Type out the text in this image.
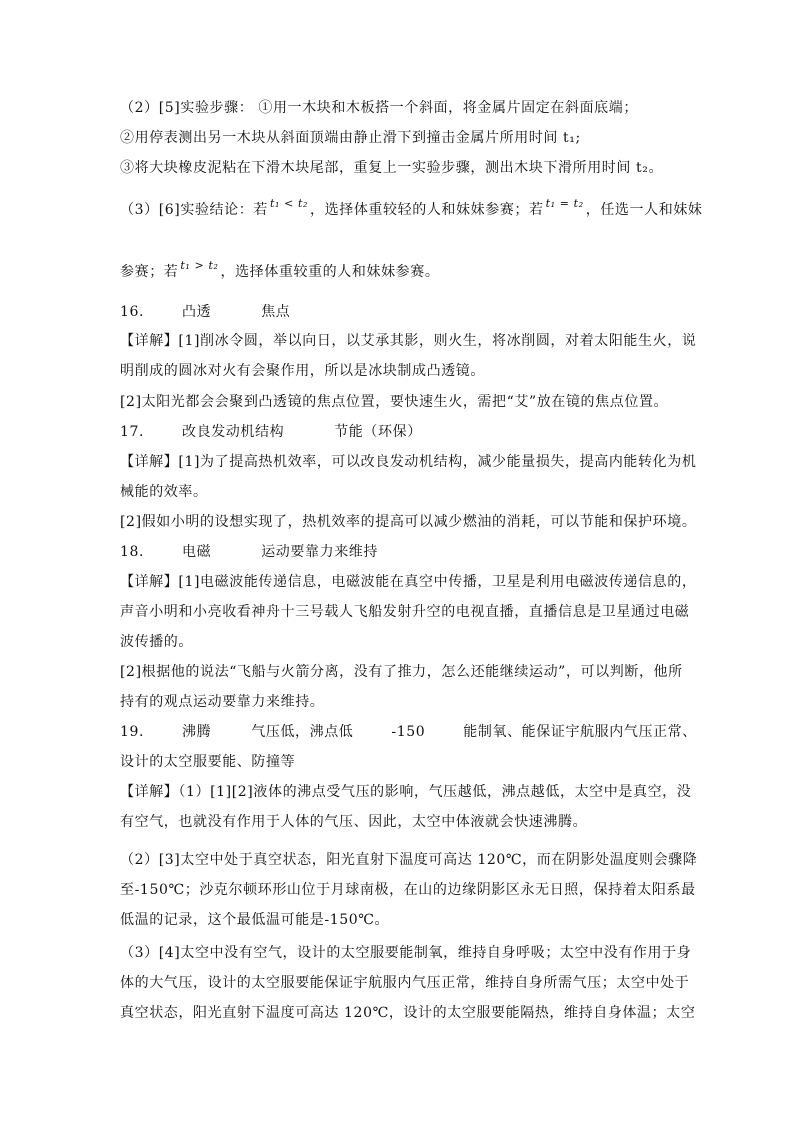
（2）[5]实验步骤： ①用一木块和木板搭一个斜面，将金属片固定在斜面底端；
②用停表测出另一木块从斜面顶端由静止滑下到撞击金属片所用时间 t₁;
③将大块橡皮泥粘在下滑木块尾部，重复上一实验步骤，测出木块下滑所用时间 t₂。
（3）[6]实验结论：若 t₁ < t₂ ，选择体重较轻的人和妹妹参赛；若 t₁ = t₂ ，任选一人和妹妹
参赛；若 t₁ > t₂ ，选择体重较重的人和妹妹参赛。
16.	凸透	焦点
【详解】[1]削冰令圆，举以向日，以艾承其影，则火生，将冰削圆，对着太阳能生火，说
明削成的圆冰对火有会聚作用，所以是冰块制成凸透镜。
[2]太阳光都会会聚到凸透镜的焦点位置，要快速生火，需把“艾”放在镜的焦点位置。
17.	改良发动机结构	节能（环保）
【详解】[1]为了提高热机效率，可以改良发动机结构，减少能量损失，提高内能转化为机
械能的效率。
[2]假如小明的设想实现了，热机效率的提高可以减少燃油的消耗，可以节能和保护环境。
18.	电磁	运动要靠力来维持
【详解】[1]电磁波能传递信息，电磁波能在真空中传播，卫星是利用电磁波传递信息的，
声音小明和小亮收看神舟十三号载人飞船发射升空的电视直播，直播信息是卫星通过电磁
波传播的。
[2]根据他的说法“飞船与火箭分离，没有了推力，怎么还能继续运动”，可以判断，他所
持有的观点运动要靠力来维持。
19.	沸腾	气压低，沸点低	-150	能制氧、能保证宇航服内气压正常、
设计的太空服要能、防撞等
【详解】（1）[1][2]液体的沸点受气压的影响，气压越低，沸点越低，太空中是真空，没
有空气，也就没有作用于人体的气压、因此，太空中体液就会快速沸腾。
（2）[3]太空中处于真空状态，阳光直射下温度可高达 120℃，而在阴影处温度则会骤降
至-150℃；沙克尔顿环形山位于月球南极，在山的边缘阴影区永无日照，保持着太阳系最
低温的记录，这个最低温可能是-150℃。
（3）[4]太空中没有空气，设计的太空服要能制氧，维持自身呼吸；太空中没有作用于身
体的大气压，设计的太空服要能保证宇航服内气压正常，维持自身所需气压；太空中处于
真空状态，阳光直射下温度可高达 120℃，设计的太空服要能隔热，维持自身体温；太空
